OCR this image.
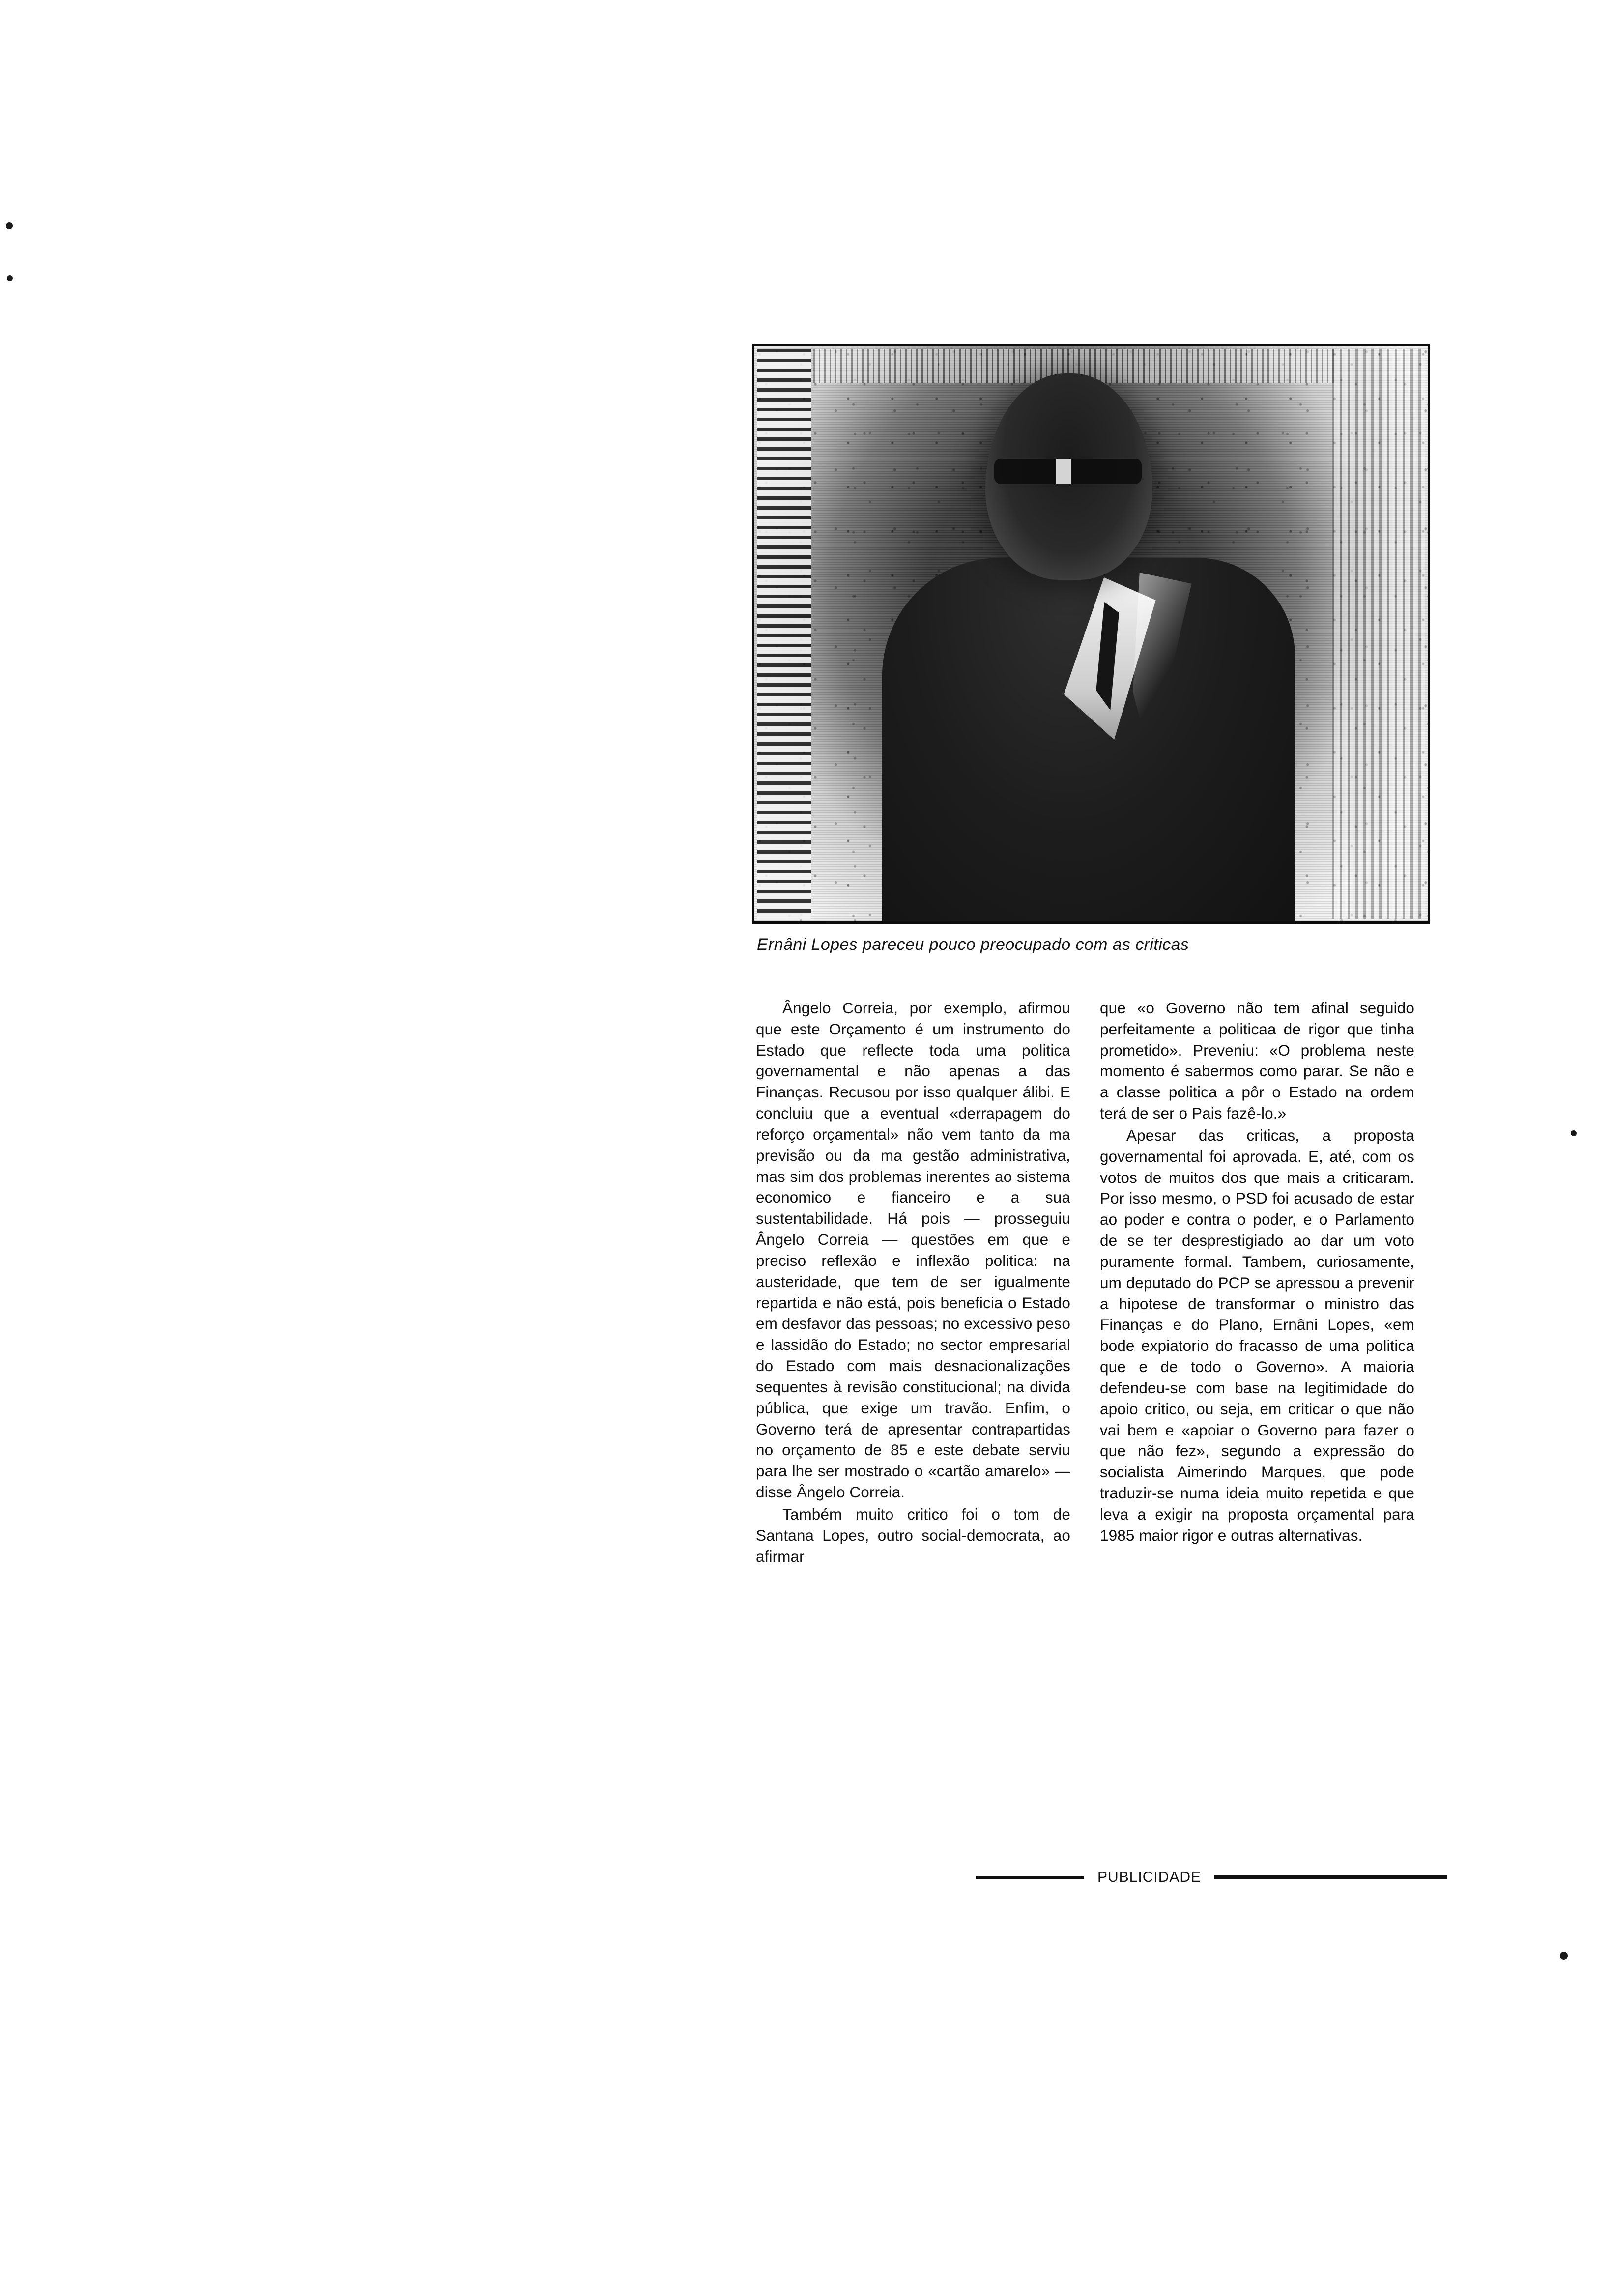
Ernâni Lopes pareceu pouco preocupado com as criticas

Ângelo Correia, por exemplo, afirmou que este Orçamento é um instrumento do Estado que reflecte toda uma politica governamental e não apenas a das Finanças. Recusou por isso qualquer álibi. E concluiu que a eventual «derrapagem do reforço orçamental» não vem tanto da ma previsão ou da ma gestão administrativa, mas sim dos problemas inerentes ao sistema economico e fianceiro e a sua sustentabilidade. Há pois — prosseguiu Ângelo Correia — questões em que e preciso reflexão e inflexão politica: na austeridade, que tem de ser igualmente repartida e não está, pois beneficia o Estado em desfavor das pessoas; no excessivo peso e lassidão do Estado; no sector empresarial do Estado com mais desnacionalizações sequentes à revisão constitucional; na divida pública, que exige um travão. Enfim, o Governo terá de apresentar contrapartidas no orçamento de 85 e este debate serviu para lhe ser mostrado o «cartão amarelo» — disse Ângelo Correia.

Também muito critico foi o tom de Santana Lopes, outro social-democrata, ao afirmar

que «o Governo não tem afinal seguido perfeitamente a politicaa de rigor que tinha prometido». Preveniu: «O problema neste momento é sabermos como parar. Se não e a classe politica a pôr o Estado na ordem terá de ser o Pais fazê-lo.»

Apesar das criticas, a proposta governamental foi aprovada. E, até, com os votos de muitos dos que mais a criticaram. Por isso mesmo, o PSD foi acusado de estar ao poder e contra o poder, e o Parlamento de se ter desprestigiado ao dar um voto puramente formal. Tambem, curiosamente, um deputado do PCP se apressou a prevenir a hipotese de transformar o ministro das Finanças e do Plano, Ernâni Lopes, «em bode expiatorio do fracasso de uma politica que e de todo o Governo». A maioria defendeu-se com base na legitimidade do apoio critico, ou seja, em criticar o que não vai bem e «apoiar o Governo para fazer o que não fez», segundo a expressão do socialista Aimerindo Marques, que pode traduzir-se numa ideia muito repetida e que leva a exigir na proposta orçamental para 1985 maior rigor e outras alternativas.

PUBLICIDADE
